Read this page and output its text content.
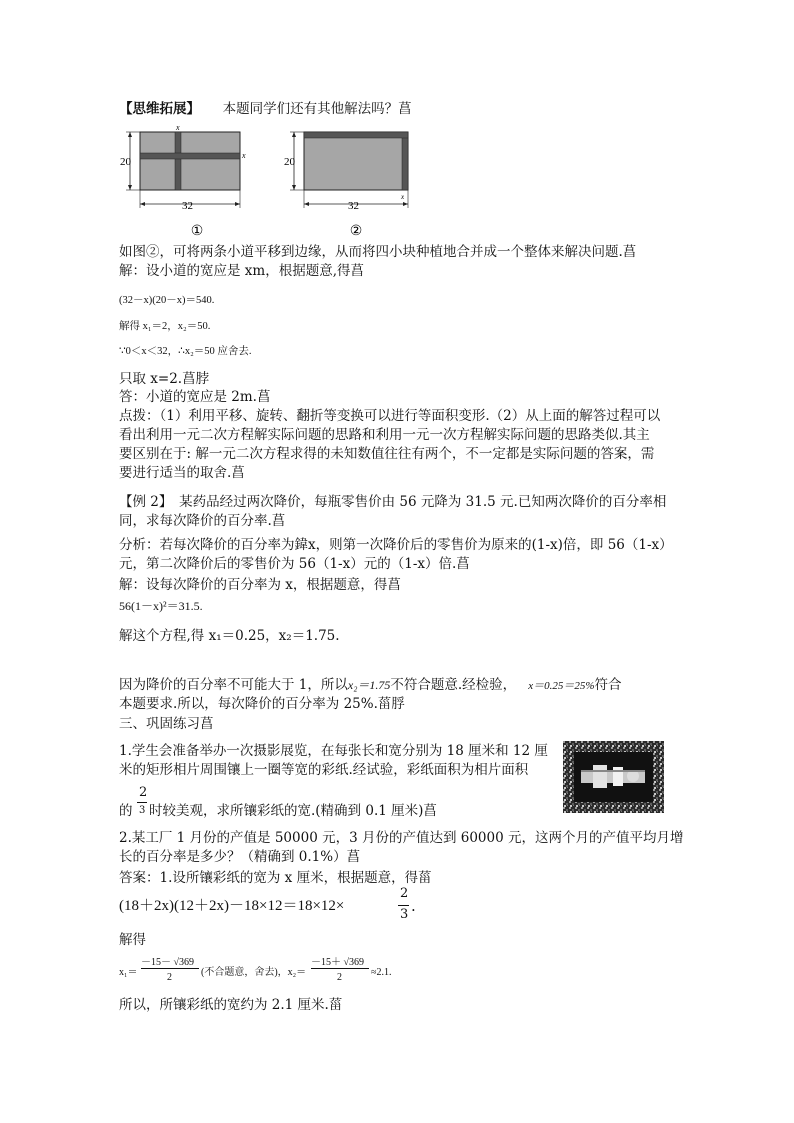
【思维拓展】 本题同学们还有其他解法吗？菖
x
x
20
32
①
20
32
x
②
如图②，可将两条小道平移到边缘，从而将四小块种植地合并成一个整体来解决问题.菖
解：设小道的宽应是 xm，根据题意,得菖
(32－x)(20－x)＝540.
解得 x₁＝2，x₂＝50.
∵0＜x＜32，∴x₂＝50 应舍去.
只取 x=2.菖脖
答：小道的宽应是 2m.菖
点拨：（1）利用平移、旋转、翻折等变换可以进行等面积变形.（2）从上面的解答过程可以
看出利用一元二次方程解实际问题的思路和利用一元一次方程解实际问题的思路类似.其主
要区别在于: 解一元二次方程求得的未知数值往往有两个，不一定都是实际问题的答案，需
要进行适当的取舍.菖
【例 2】　某药品经过两次降价，每瓶零售价由 56 元降为 31.5 元.已知两次降价的百分率相
同，求每次降价的百分率.菖
分析：若每次降价的百分率为鍏x，则第一次降价后的零售价为原来的(1-x)倍，即 56（1-x）
元，第二次降价后的零售价为 56（1-x）元的（1-x）倍.菖
解：设每次降价的百分率为 x，根据题意，得菖
56(1－x)²＝31.5.
解这个方程,得 x₁＝0.25，x₂＝1.75.
因为降价的百分率不可能大于 1，所以x₂＝1.75不符合题意.经检验， x＝0.25＝25%符合
本题要求.所以，每次降价的百分率为 25%.菑脬
三、巩固练习菖
1.学生会准备举办一次摄影展览，在每张长和宽分别为 18 厘米和 12 厘
米的矩形相片周围镶上一圈等宽的彩纸.经试验，彩纸面积为相片面积
的
2
3 时较美观，求所镶彩纸的宽.(精确到 0.1 厘米)菖
2.某工厂 1 月份的产值是 50000 元，3 月份的产值达到 60000 元，这两个月的产值平均月增
长的百分率是多少？（精确到 0.1%）菖
答案：1.设所镶彩纸的宽为 x 厘米，根据题意，得菑
(18＋2x)(12＋2x)－18×12＝18×12×
2
3 .
解得
x₁＝
－15－ √369
2	(不合题意，舍去)，x₂＝
－15＋ √369
2	≈2.1.
所以，所镶彩纸的宽约为 2.1 厘米.菑
